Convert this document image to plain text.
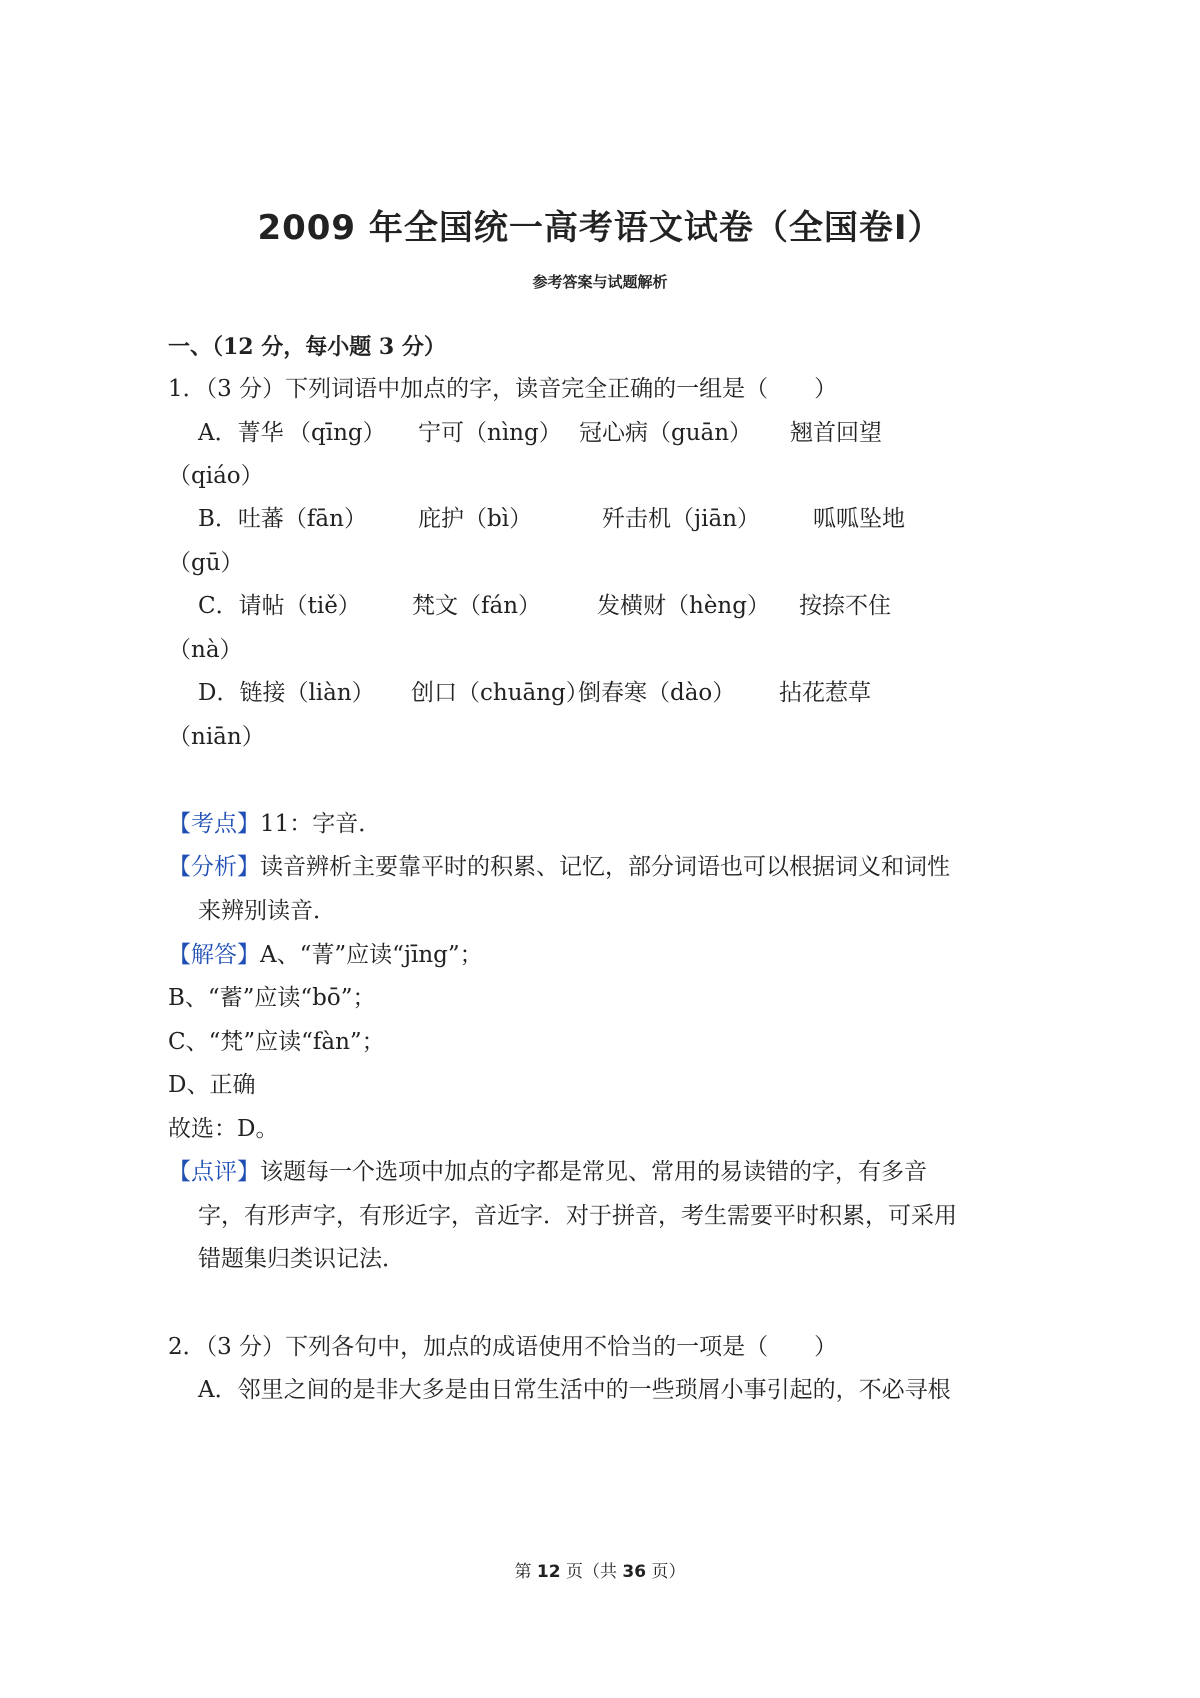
2009 年全国统一高考语文试卷（全国卷Ⅰ）
参考答案与试题解析
一、（12 分，每小题 3 分）
1．（3 分）下列词语中加点的字，读音完全正确的一组是（　　）
A．菁华 （qīng） 宁可（nìng） 冠心病（guān） 翘首回望
（qiáo）
B．吐蕃（fān） 庇护（bì）	歼击机（jiān） 呱呱坠地
（gū）
C．请帖（tiě） 梵文（fán） 发横财（hèng） 按捺不住
（nà）
D．链接（liàn） 创口（chuāng）
倒春寒（dào） 拈花惹草
（niān）
【考点】11：字音．
【分析】读音辨析主要靠平时的积累、记忆，部分词语也可以根据词义和词性
来辨别读音．
【解答】A、“菁”应读“jīng”；
B、“蓄”应读“bō”；
C、“梵”应读“fàn”；
D、正确
故选：D。
【点评】该题每一个选项中加点的字都是常见、常用的易读错的字，有多音
字，有形声字，有形近字，音近字．对于拼音，考生需要平时积累，可采用
错题集归类识记法．
2．（3 分）下列各句中，加点的成语使用不恰当的一项是（　　）
A．邻里之间的是非大多是由日常生活中的一些琐屑小事引起的，不必寻根
第 12 页（共 36 页）
